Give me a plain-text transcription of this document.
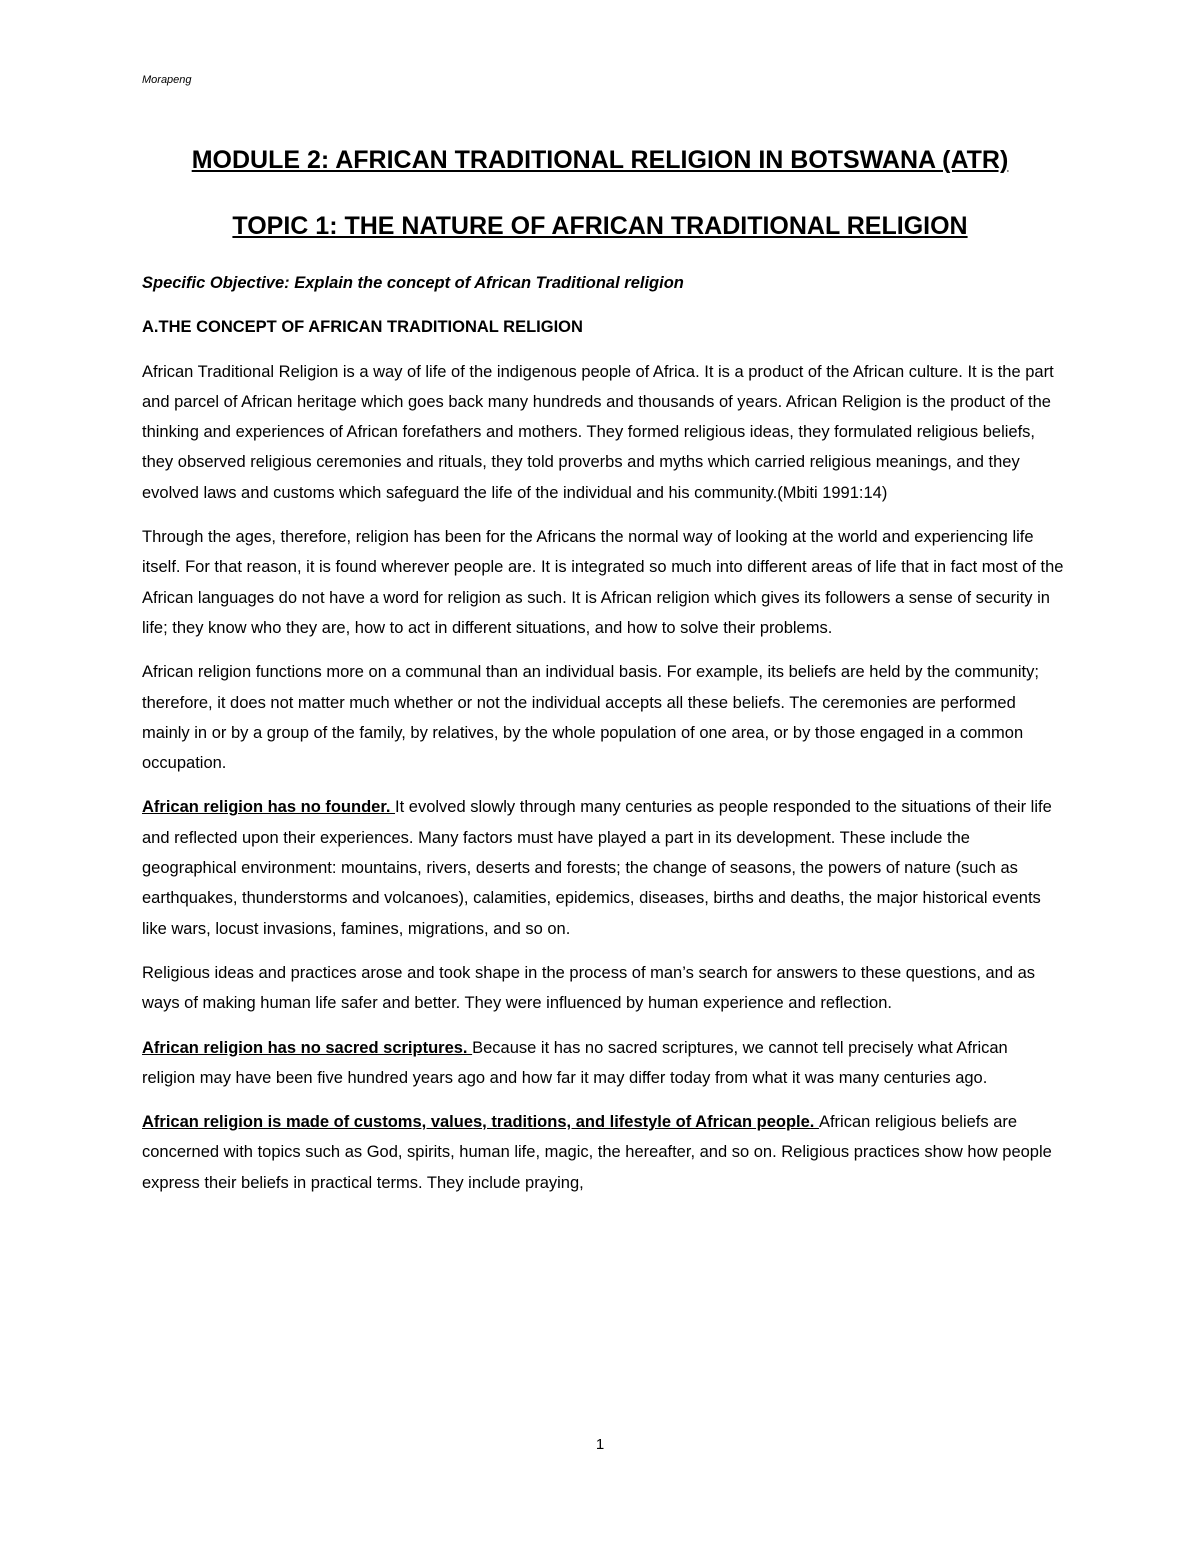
Morapeng

MODULE 2: AFRICAN TRADITIONAL RELIGION IN BOTSWANA (ATR)
TOPIC 1: THE NATURE OF AFRICAN TRADITIONAL RELIGION

Specific Objective: Explain the concept of African Traditional religion

A.THE CONCEPT OF AFRICAN TRADITIONAL RELIGION

African Traditional Religion is a way of life of the indigenous people of Africa. It is a product of the African culture. It is the part and parcel of African heritage which goes back many hundreds and thousands of years. African Religion is the product of the thinking and experiences of African forefathers and mothers. They formed religious ideas, they formulated religious beliefs, they observed religious ceremonies and rituals, they told proverbs and myths which carried religious meanings, and they evolved laws and customs which safeguard the life of the individual and his community.(Mbiti 1991:14)

Through the ages, therefore, religion has been for the Africans the normal way of looking at the world and experiencing life itself. For that reason, it is found wherever people are. It is integrated so much into different areas of life that in fact most of the African languages do not have a word for religion as such. It is African religion which gives its followers a sense of security in life; they know who they are, how to act in different situations, and how to solve their problems.

African religion functions more on a communal than an individual basis. For example, its beliefs are held by the community; therefore, it does not matter much whether or not the individual accepts all these beliefs. The ceremonies are performed mainly in or by a group of the family, by relatives, by the whole population of one area, or by those engaged in a common occupation.

African religion has no founder. It evolved slowly through many centuries as people responded to the situations of their life and reflected upon their experiences. Many factors must have played a part in its development. These include the geographical environment: mountains, rivers, deserts and forests; the change of seasons, the powers of nature (such as earthquakes, thunderstorms and volcanoes), calamities, epidemics, diseases, births and deaths, the major historical events like wars, locust invasions, famines, migrations, and so on.

Religious ideas and practices arose and took shape in the process of man’s search for answers to these questions, and as ways of making human life safer and better. They were influenced by human experience and reflection.

African religion has no sacred scriptures. Because it has no sacred scriptures, we cannot tell precisely what African religion may have been five hundred years ago and how far it may differ today from what it was many centuries ago.

African religion is made of customs, values, traditions, and lifestyle of African people. African religious beliefs are concerned with topics such as God, spirits, human life, magic, the hereafter, and so on. Religious practices show how people express their beliefs in practical terms. They include praying,

1
